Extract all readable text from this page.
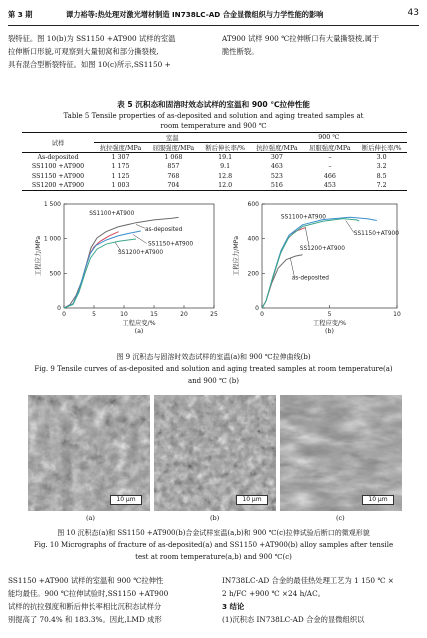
第 3 期	谭力裕等:热处理对激光增材制造 IN738LC-AD 合金显微组织与力学性能的影响	43
裂特征。图 10(b)为 SS1150 +AT900 试样的室温
拉伸断口形貌,可观察到大量韧窝和部分撕裂棱,
具有混合型断裂特征。如图 10(c)所示,SS1150 +
AT900 试样 900 ℃拉伸断口有大量撕裂棱,属于
脆性断裂。
表 5 沉积态和固溶时效态试样的室温和 900 ℃拉伸性能
Table 5 Tensile properties of as-deposited and solution and aging treated samples at
room temperature and 900 ℃
试样	室温			900 ℃		
	抗拉强度/MPa	屈服强度/MPa	断后伸长率/%	抗拉强度/MPa	屈服强度/MPa	断后伸长率/%
As-deposited	1 307	1 068	19.1	307	–	3.0
SS1100 +AT900	1 175	857	9.1	463	–	3.2
SS1150 +AT900	1 125	768	12.8	523	466	8.5
SS1200 +AT900	1 003	704	12.0	516	453	7.2
0	5	10	15	20	25
0
500
1 000
1 500
工程应变/%
工程应力/MPa
(a)
SS1100+AT900
as-deposited
SS1150+AT900
SS1200+AT900
0	5	10
0
200
400
600
工程应变/%
工程应力/MPa
(b)
SS1100+AT900
SS1150+AT900
SS1200+AT900
as-deposited
图 9 沉积态与固溶时效态试样的室温(a)和 900 ℃拉伸曲线(b)
Fig. 9 Tensile curves of as-deposited and solution and aging treated samples at room temperature(a)
and 900 ℃ (b)
10 μm	10 μm	10 μm
(a)	(b)	(c)
图 10 沉积态(a)和 SS1150 +AT900(b)合金试样室温(a,b)和 900 ℃(c)拉伸试验后断口的微观形貌
Fig. 10 Micrographs of fracture of as-deposited(a) and SS1150 +AT900(b) alloy samples after tensile
test at room temperature(a,b) and 900 ℃(c)
SS1150 +AT900 试样的室温和 900 ℃拉伸性
能均最佳。900 ℃拉伸试验时,SS1150 +AT900
试样的抗拉强度和断后伸长率相比沉积态试样分
别提高了 70.4% 和 183.3%。因此,LMD 成形
IN738LC-AD 合金的最佳热处理工艺为 1 150 ℃ ×
2 h/FC +900 ℃ ×24 h/AC。
3 结论
(1)沉积态 IN738LC-AD 合金的显微组织以
